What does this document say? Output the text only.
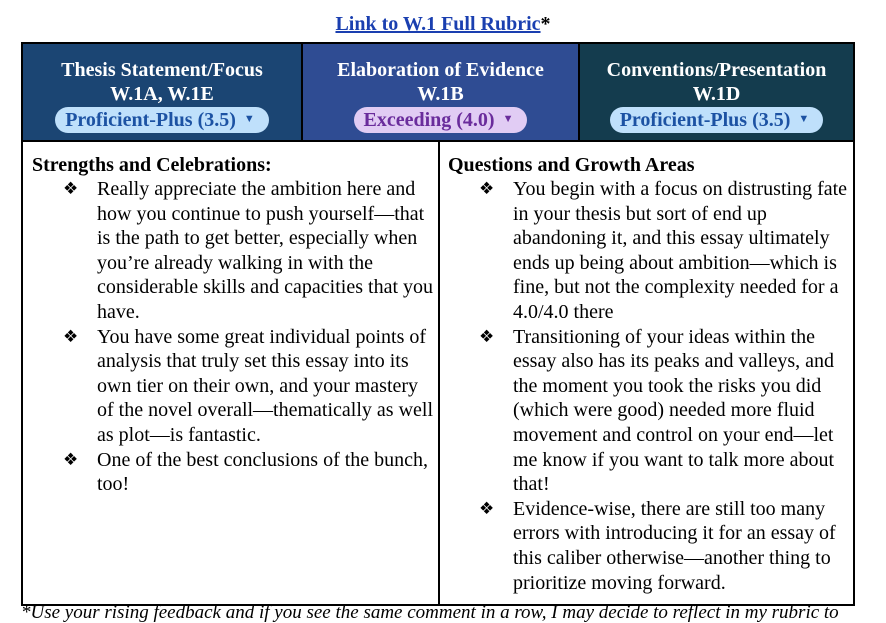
Link to W.1 Full Rubric*
Thesis Statement/Focus
W.1A, W.1E
Proficient-Plus (3.5) ▼
Elaboration of Evidence
W.1B
Exceeding (4.0) ▼
Conventions/Presentation
W.1D
Proficient-Plus (3.5) ▼
Strengths and Celebrations:
❖ Really appreciate the ambition here and how you continue to push yourself—that is the path to get better, especially when you’re already walking in with the considerable skills and capacities that you have.
❖ You have some great individual points of analysis that truly set this essay into its own tier on their own, and your mastery of the novel overall—thematically as well as plot—is fantastic.
❖ One of the best conclusions of the bunch, too!
Questions and Growth Areas
❖ You begin with a focus on distrusting fate in your thesis but sort of end up abandoning it, and this essay ultimately ends up being about ambition—which is fine, but not the complexity needed for a 4.0/4.0 there
❖ Transitioning of your ideas within the essay also has its peaks and valleys, and the moment you took the risks you did (which were good) needed more fluid movement and control on your end—let me know if you want to talk more about that!
❖ Evidence-wise, there are still too many errors with introducing it for an essay of this caliber otherwise—another thing to prioritize moving forward.
*Use your rising feedback and if you see the same comment in a row, I may decide to reflect in my rubric to
